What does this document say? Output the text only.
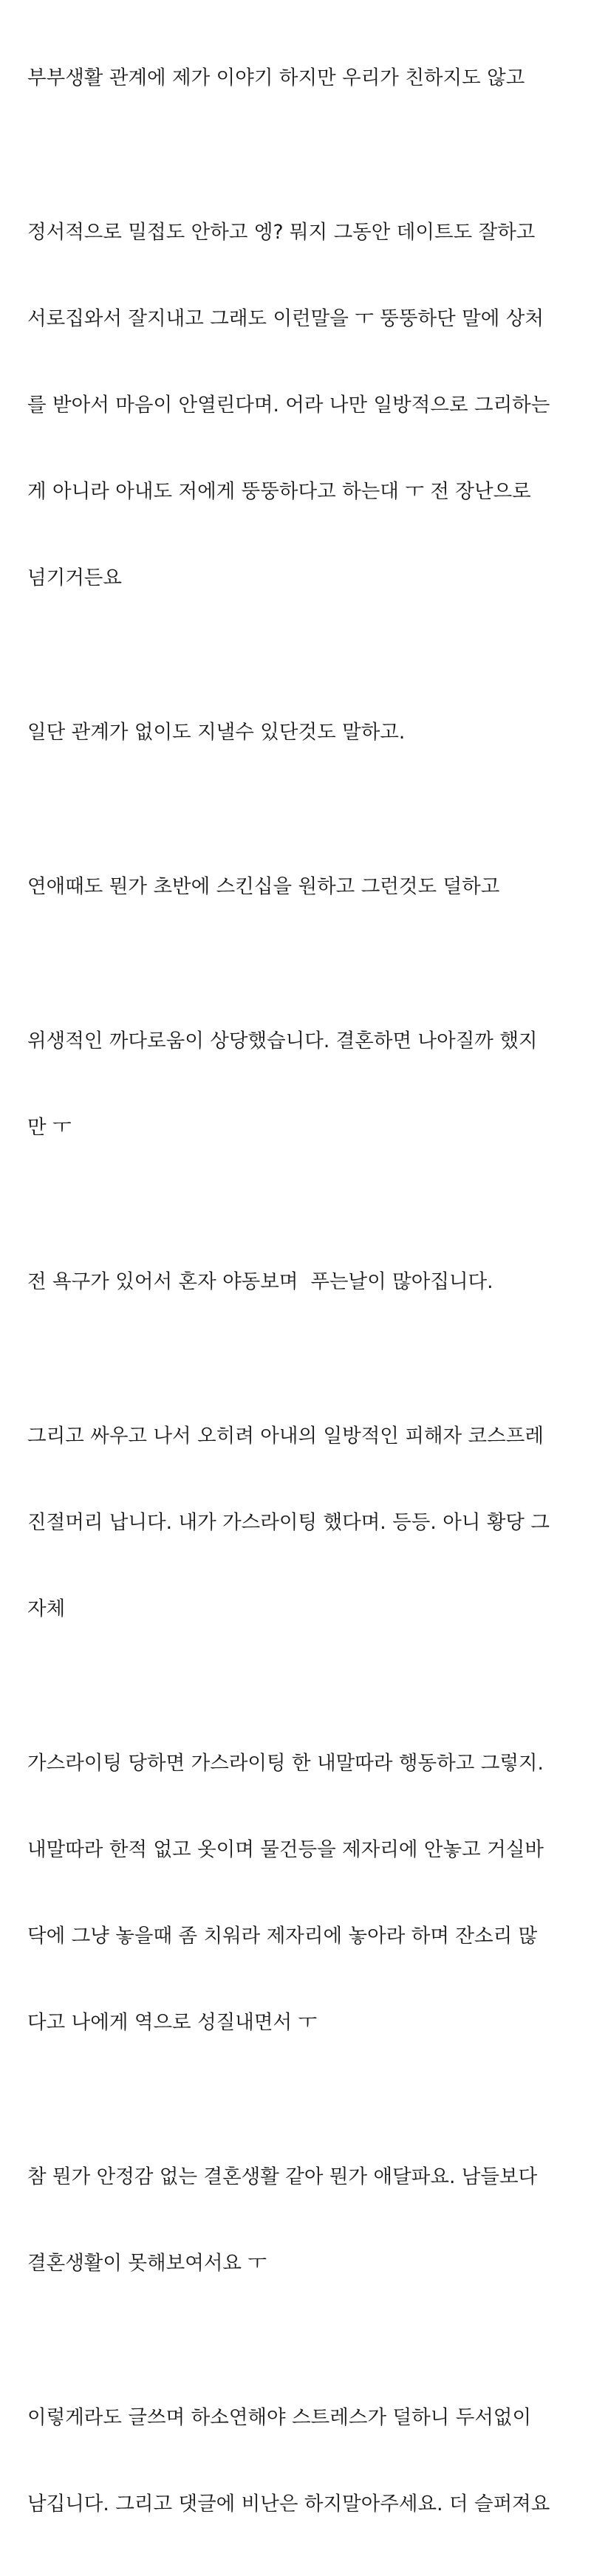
부부생활 관계에 제가 이야기 하지만 우리가 친하지도 않고

정서적으로 밀접도 안하고 엥? 뭐지 그동안 데이트도 잘하고

서로집와서 잘지내고 그래도 이런말을 ㅜ 뚱뚱하단 말에 상처

를 받아서 마음이 안열린다며. 어라 나만 일방적으로 그리하는

게 아니라 아내도 저에게 뚱뚱하다고 하는대 ㅜ 전 장난으로

넘기거든요

일단 관계가 없이도 지낼수 있단것도 말하고.

연애때도 뭔가 초반에 스킨십을 원하고 그런것도 덜하고

위생적인 까다로움이 상당했습니다. 결혼하면 나아질까 했지

만 ㅜ

전 욕구가 있어서 혼자 야동보며  푸는날이 많아집니다.

그리고 싸우고 나서 오히려 아내의 일방적인 피해자 코스프레

진절머리 납니다. 내가 가스라이팅 했다며. 등등. 아니 황당 그

자체

가스라이팅 당하면 가스라이팅 한 내말따라 행동하고 그렇지.

내말따라 한적 없고 옷이며 물건등을 제자리에 안놓고 거실바

닥에 그냥 놓을때 좀 치워라 제자리에 놓아라 하며 잔소리 많

다고 나에게 역으로 성질내면서 ㅜ

참 뭔가 안정감 없는 결혼생활 같아 뭔가 애달파요. 남들보다

결혼생활이 못해보여서요 ㅜ

이렇게라도 글쓰며 하소연해야 스트레스가 덜하니 두서없이

남깁니다. 그리고 댓글에 비난은 하지말아주세요. 더 슬퍼져요
